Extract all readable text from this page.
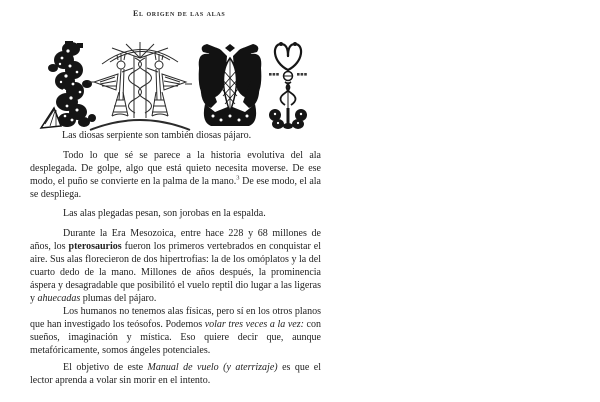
El origen de las alas
Las diosas serpiente son también diosas pájaro.

Todo lo que sé se parece a la historia evolutiva del ala desplegada. De golpe, algo que está quieto necesita moverse. De ese modo, el puño se convierte en la palma de la mano.$^3$ De ese modo, el ala se despliega.

Las alas plegadas pesan, son jorobas en la espalda.

Durante la Era Mesozoica, entre hace 228 y 68 millones de años, los pterosaurios fueron los primeros vertebrados en conquistar el aire. Sus alas florecieron de dos hipertrofias: la de los omóplatos y la del cuarto dedo de la mano. Millones de años después, la prominencia áspera y desagradable que posibilitó el vuelo reptil dio lugar a las ligeras y ahuecadas plumas del pájaro.

Los humanos no tenemos alas físicas, pero sí en los otros planos que han investigado los teósofos. Podemos volar tres veces a la vez: con sueños, imaginación y mística. Eso quiere decir que, aunque metafóricamente, somos ángeles potenciales.

El objetivo de este Manual de vuelo (y aterrizaje) es que el lector aprenda a volar sin morir en el intento.
